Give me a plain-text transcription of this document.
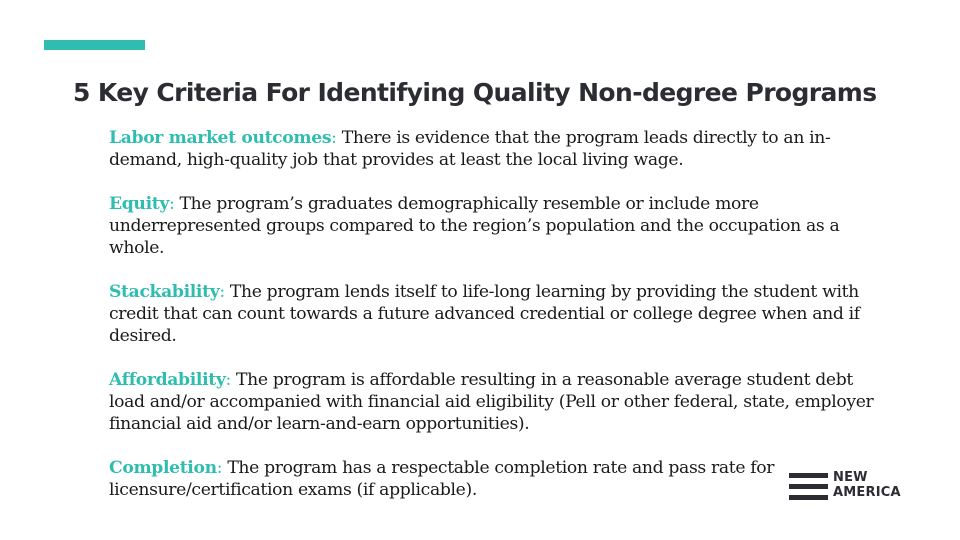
5 Key Criteria For Identifying Quality Non-degree Programs
Labor market outcomes: There is evidence that the program leads directly to an in-demand, high-quality job that provides at least the local living wage.
Equity: The program’s graduates demographically resemble or include more underrepresented groups compared to the region’s population and the occupation as a whole.
Stackability: The program lends itself to life-long learning by providing the student with credit that can count towards a future advanced credential or college degree when and if desired.
Affordability: The program is affordable resulting in a reasonable average student debt load and/or accompanied with financial aid eligibility (Pell or other federal, state, employer financial aid and/or learn-and-earn opportunities).
Completion: The program has a respectable completion rate and pass rate for licensure/certification exams (if applicable).
NEW
AMERICA
